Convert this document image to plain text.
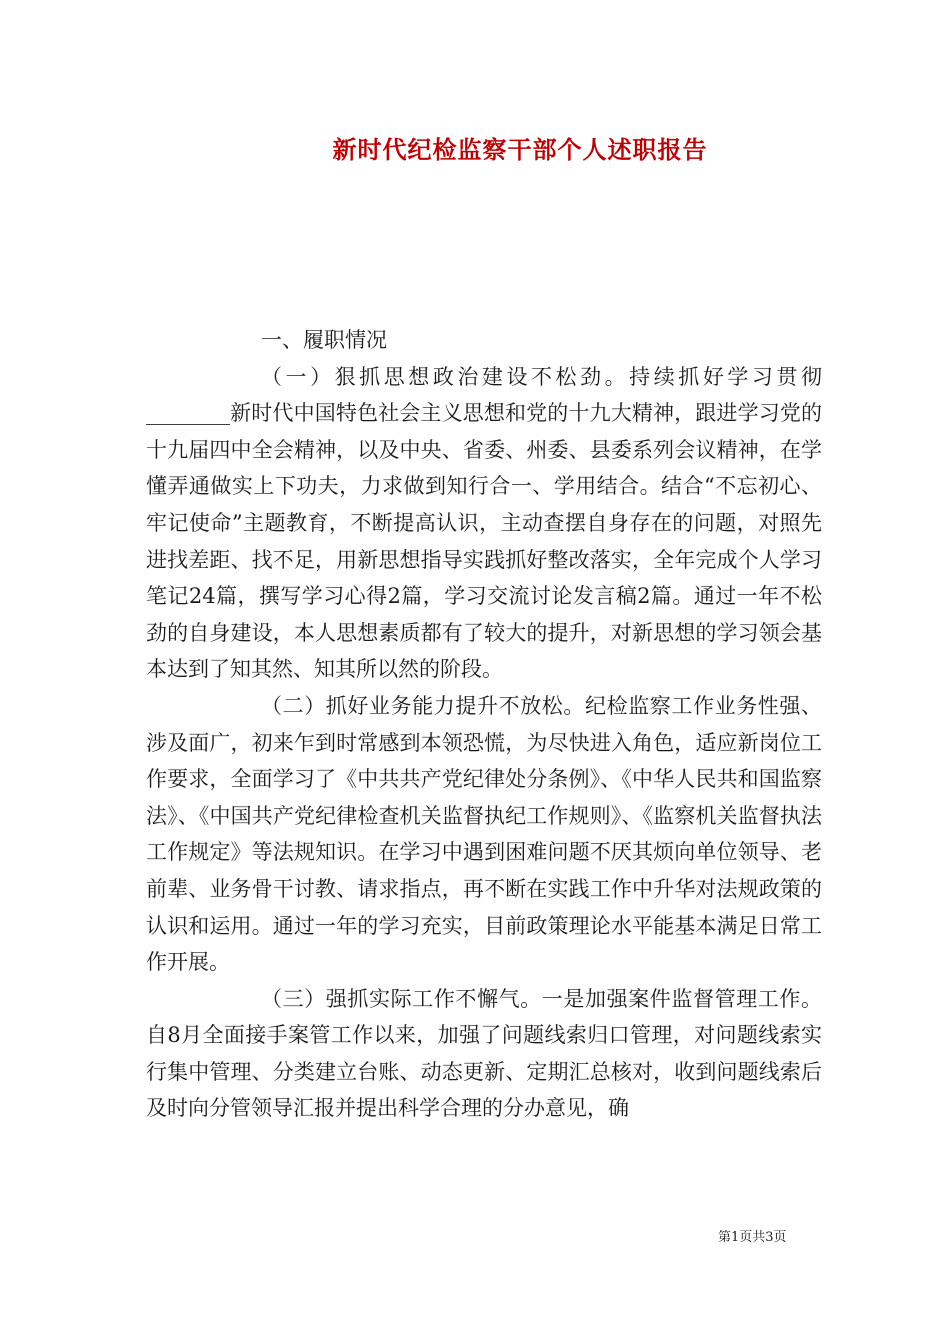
新时代纪检监察干部个人述职报告

一、履职情况

（一）狠抓思想政治建设不松劲。持续抓好学习贯彻________新时代中国特色社会主义思想和党的十九大精神，跟进学习党的十九届四中全会精神，以及中央、省委、州委、县委系列会议精神，在学懂弄通做实上下功夫，力求做到知行合一、学用结合。结合“不忘初心、牢记使命”主题教育，不断提高认识，主动查摆自身存在的问题，对照先进找差距、找不足，用新思想指导实践抓好整改落实，全年完成个人学习笔记24篇，撰写学习心得2篇，学习交流讨论发言稿2篇。通过一年不松劲的自身建设，本人思想素质都有了较大的提升，对新思想的学习领会基本达到了知其然、知其所以然的阶段。

（二）抓好业务能力提升不放松。纪检监察工作业务性强、涉及面广，初来乍到时常感到本领恐慌，为尽快进入角色，适应新岗位工作要求，全面学习了《中共共产党纪律处分条例》、《中华人民共和国监察法》、《中国共产党纪律检查机关监督执纪工作规则》、《监察机关监督执法工作规定》等法规知识。在学习中遇到困难问题不厌其烦向单位领导、老前辈、业务骨干讨教、请求指点，再不断在实践工作中升华对法规政策的认识和运用。通过一年的学习充实，目前政策理论水平能基本满足日常工作开展。

（三）强抓实际工作不懈气。一是加强案件监督管理工作。自8月全面接手案管工作以来，加强了问题线索归口管理，对问题线索实行集中管理、分类建立台账、动态更新、定期汇总核对，收到问题线索后及时向分管领导汇报并提出科学合理的分办意见，确

第1页共3页
